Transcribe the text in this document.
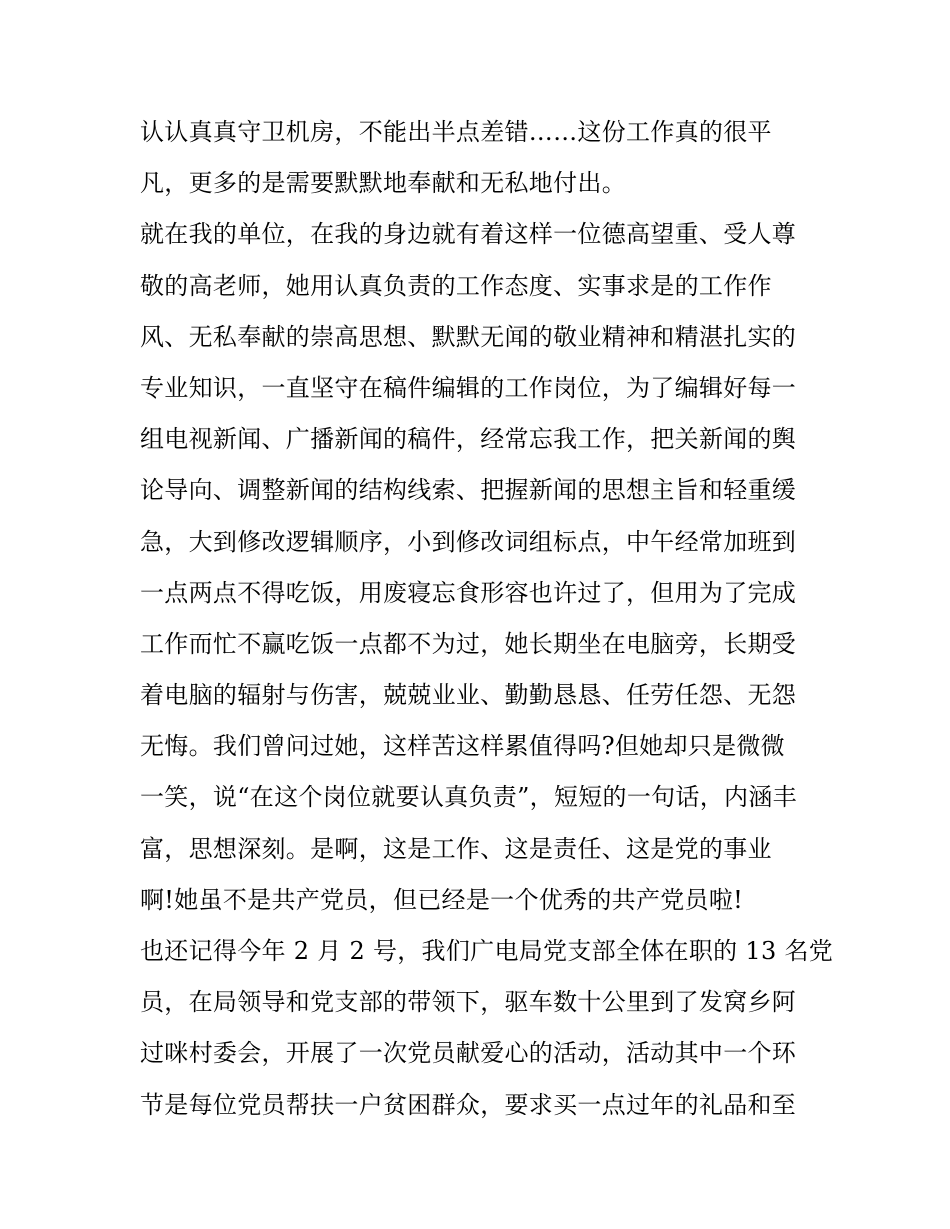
认认真真守卫机房，不能出半点差错……这份工作真的很平
凡，更多的是需要默默地奉献和无私地付出。
就在我的单位，在我的身边就有着这样一位德高望重、受人尊
敬的高老师，她用认真负责的工作态度、实事求是的工作作
风、无私奉献的崇高思想、默默无闻的敬业精神和精湛扎实的
专业知识，一直坚守在稿件编辑的工作岗位，为了编辑好每一
组电视新闻、广播新闻的稿件，经常忘我工作，把关新闻的舆
论导向、调整新闻的结构线索、把握新闻的思想主旨和轻重缓
急，大到修改逻辑顺序，小到修改词组标点，中午经常加班到
一点两点不得吃饭，用废寝忘食形容也许过了，但用为了完成
工作而忙不赢吃饭一点都不为过，她长期坐在电脑旁，长期受
着电脑的辐射与伤害，兢兢业业、勤勤恳恳、任劳任怨、无怨
无悔。我们曾问过她，这样苦这样累值得吗?但她却只是微微
一笑，说“在这个岗位就要认真负责”，短短的一句话，内涵丰
富，思想深刻。是啊，这是工作、这是责任、这是党的事业
啊!她虽不是共产党员，但已经是一个优秀的共产党员啦!
也还记得今年 2 月 2 号，我们广电局党支部全体在职的 13 名党
员，在局领导和党支部的带领下，驱车数十公里到了发窝乡阿
过咪村委会，开展了一次党员献爱心的活动，活动其中一个环
节是每位党员帮扶一户贫困群众，要求买一点过年的礼品和至
